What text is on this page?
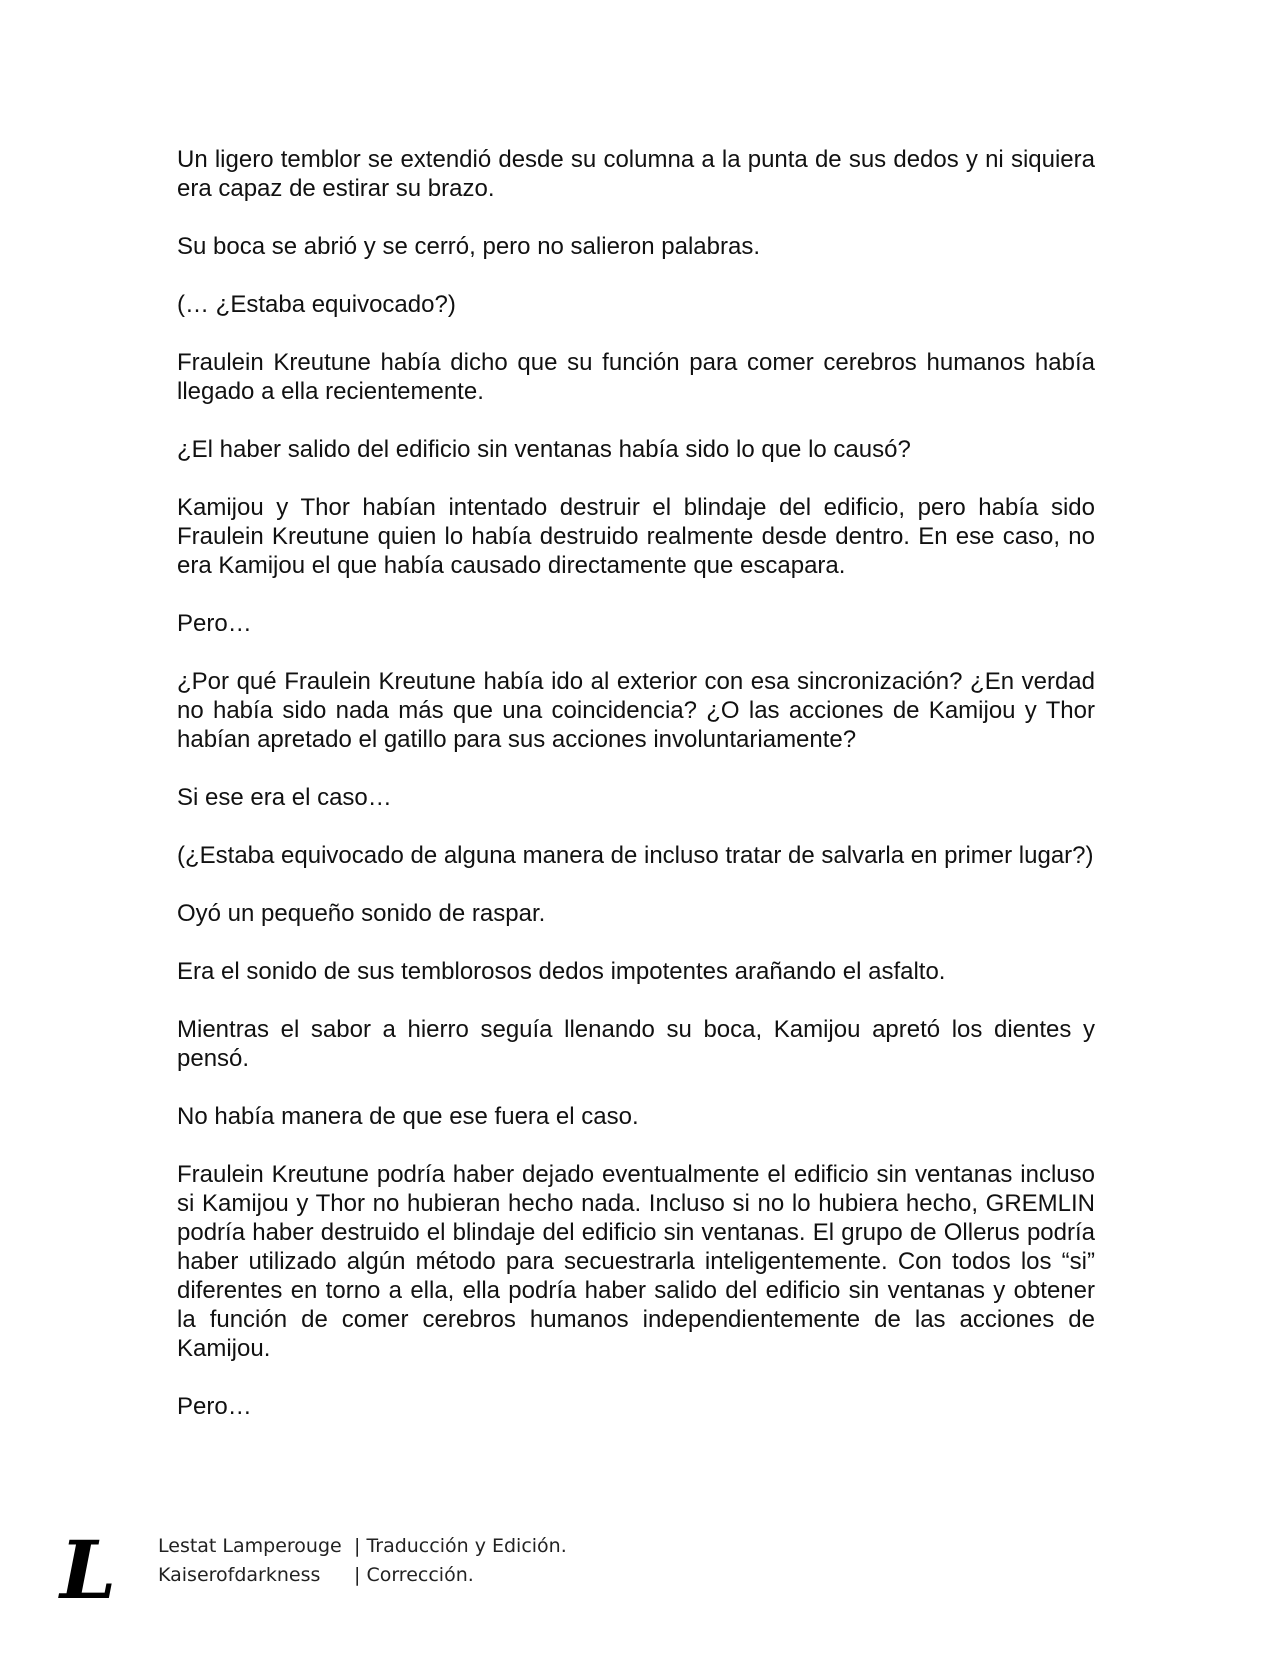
Un ligero temblor se extendió desde su columna a la punta de sus dedos y ni siquiera era capaz de estirar su brazo.

Su boca se abrió y se cerró, pero no salieron palabras.

(… ¿Estaba equivocado?)

Fraulein Kreutune había dicho que su función para comer cerebros humanos había llegado a ella recientemente.

¿El haber salido del edificio sin ventanas había sido lo que lo causó?

Kamijou y Thor habían intentado destruir el blindaje del edificio, pero había sido Fraulein Kreutune quien lo había destruido realmente desde dentro. En ese caso, no era Kamijou el que había causado directamente que escapara.

Pero…

¿Por qué Fraulein Kreutune había ido al exterior con esa sincronización? ¿En verdad no había sido nada más que una coincidencia? ¿O las acciones de Kamijou y Thor habían apretado el gatillo para sus acciones involuntariamente?

Si ese era el caso…

(¿Estaba equivocado de alguna manera de incluso tratar de salvarla en primer lugar?)

Oyó un pequeño sonido de raspar.

Era el sonido de sus temblorosos dedos impotentes arañando el asfalto.

Mientras el sabor a hierro seguía llenando su boca, Kamijou apretó los dientes y pensó.

No había manera de que ese fuera el caso.

Fraulein Kreutune podría haber dejado eventualmente el edificio sin ventanas incluso si Kamijou y Thor no hubieran hecho nada. Incluso si no lo hubiera hecho, GREMLIN podría haber destruido el blindaje del edificio sin ventanas. El grupo de Ollerus podría haber utilizado algún método para secuestrarla inteligentemente. Con todos los “si” diferentes en torno a ella, ella podría haber salido del edificio sin ventanas y obtener la función de comer cerebros humanos independientemente de las acciones de Kamijou.

Pero…

L	Lestat Lamperouge | Traducción y Edición.
Kaiserofdarkness	| Corrección.
